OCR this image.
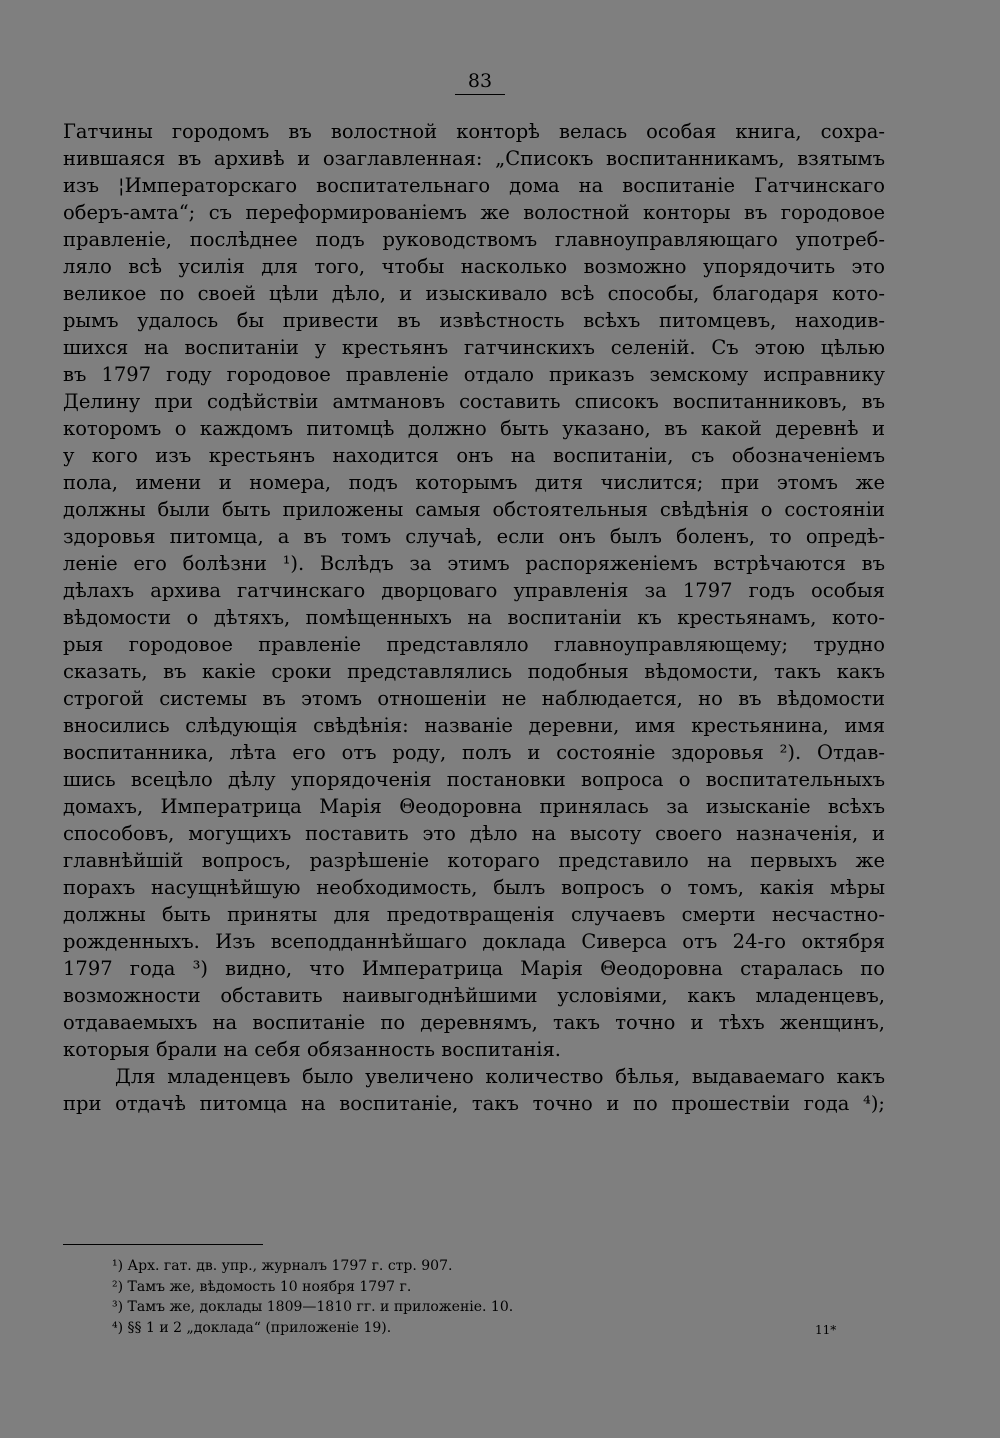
83
Гатчины городомъ въ волостной конторѣ велась особая книга, сохра-
нившаяся въ архивѣ и озаглавленная: „Списокъ воспитанникамъ, взятымъ
изъ ¦Императорскаго воспитательнаго дома на воспитаніе Гатчинскаго
оберъ-амта“; съ переформированіемъ же волостной конторы въ городовое
правленіе, послѣднее подъ руководствомъ главноуправляющаго употреб-
ляло всѣ усилія для того, чтобы насколько возможно упорядочить это
великое по своей цѣли дѣло, и изыскивало всѣ способы, благодаря кото-
рымъ удалось бы привести въ извѣстность всѣхъ питомцевъ, находив-
шихся на воспитаніи у крестьянъ гатчинскихъ селеній. Съ этою цѣлью
въ 1797 году городовое правленіе отдало приказъ земскому исправнику
Делину при содѣйствіи амтмановъ составить списокъ воспитанниковъ, въ
которомъ о каждомъ питомцѣ должно быть указано, въ какой деревнѣ и
у кого изъ крестьянъ находится онъ на воспитаніи, съ обозначеніемъ
пола, имени и номера, подъ которымъ дитя числится; при этомъ же
должны были быть приложены самыя обстоятельныя свѣдѣнія о состояніи
здоровья питомца, а въ томъ случаѣ, если онъ былъ боленъ, то опредѣ-
леніе его болѣзни ¹). Вслѣдъ за этимъ распоряженіемъ встрѣчаются въ
дѣлахъ архива гатчинскаго дворцоваго управленія за 1797 годъ особыя
вѣдомости о дѣтяхъ, помѣщенныхъ на воспитаніи къ крестьянамъ, кото-
рыя городовое правленіе представляло главноуправляющему; трудно
сказать, въ какіе сроки представлялись подобныя вѣдомости, такъ какъ
строгой системы въ этомъ отношеніи не наблюдается, но въ вѣдомости
вносились слѣдующія свѣдѣнія: названіе деревни, имя крестьянина, имя
воспитанника, лѣта его отъ роду, полъ и состояніе здоровья ²). Отдав-
шись всецѣло дѣлу упорядоченія постановки вопроса о воспитательныхъ
домахъ, Императрица Марія Θеодоровна принялась за изысканіе всѣхъ
способовъ, могущихъ поставить это дѣло на высоту своего назначенія, и
главнѣйшій вопросъ, разрѣшеніе котораго представило на первыхъ же
порахъ насущнѣйшую необходимость, былъ вопросъ о томъ, какія мѣры
должны быть приняты для предотвращенія случаевъ смерти несчастно-
рожденныхъ. Изъ всеподданнѣйшаго доклада Сиверса отъ 24-го октября
1797 года ³) видно, что Императрица Марія Θеодоровна старалась по
возможности обставить наивыгоднѣйшими условіями, какъ младенцевъ,
отдаваемыхъ на воспитаніе по деревнямъ, такъ точно и тѣхъ женщинъ,
которыя брали на себя обязанность воспитанія.
Для младенцевъ было увеличено количество бѣлья, выдаваемаго какъ
при отдачѣ питомца на воспитаніе, такъ точно и по прошествіи года ⁴);
¹) Арх. гат. дв. упр., журналъ 1797 г. стр. 907.
²) Тамъ же, вѣдомость 10 ноября 1797 г.
³) Тамъ же, доклады 1809—1810 гг. и приложеніе. 10.
⁴) §§ 1 и 2 „доклада“ (приложеніе 19).	11*
